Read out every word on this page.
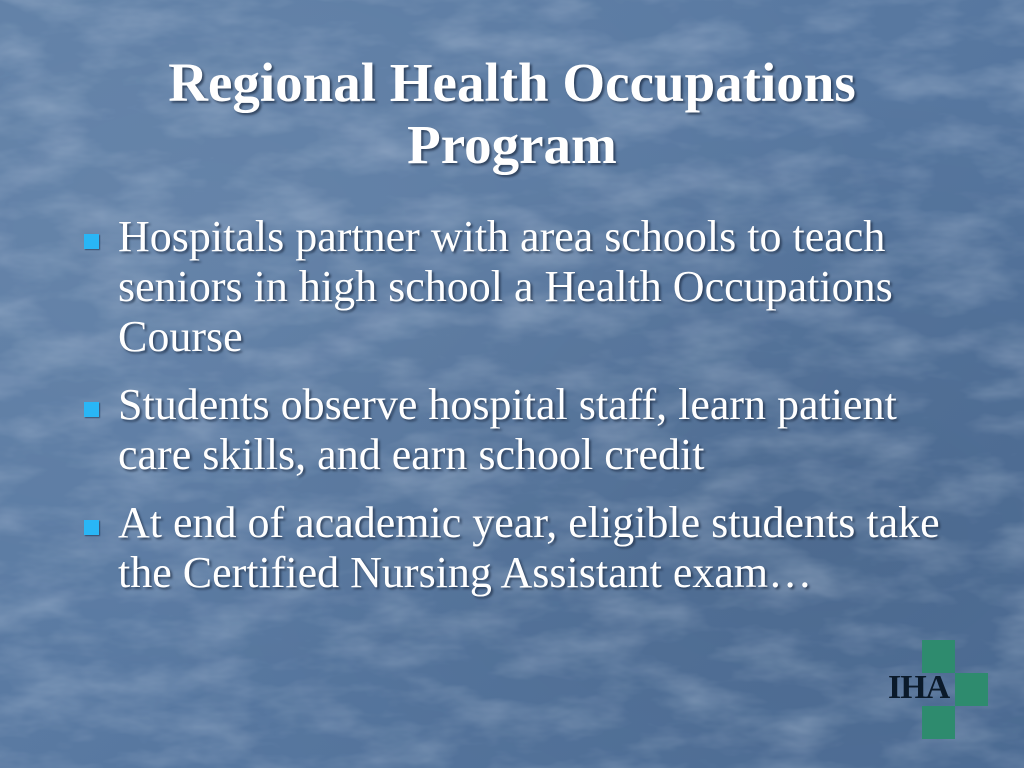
Regional Health Occupations Program
Hospitals partner with area schools to teach seniors in high school a Health Occupations Course
Students observe hospital staff, learn patient care skills, and earn school credit
At end of academic year, eligible students take the Certified Nursing Assistant exam…
IHA
